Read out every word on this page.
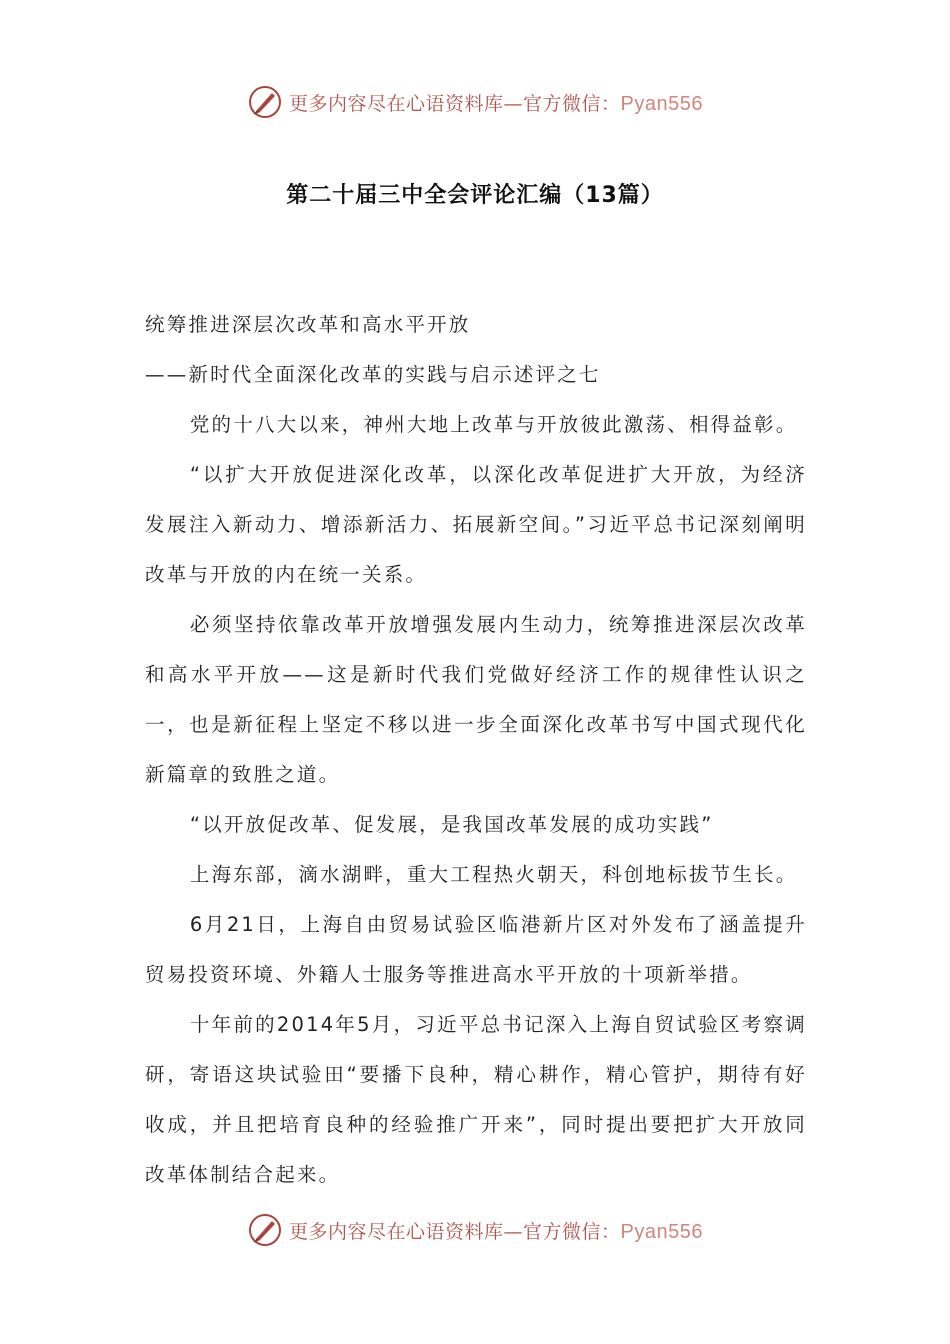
更多内容尽在心语资料库—官方微信：Pyan556
第二十届三中全会评论汇编（13篇）

统筹推进深层次改革和高水平开放

——新时代全面深化改革的实践与启示述评之七

党的十八大以来，神州大地上改革与开放彼此激荡、相得益彰。

“以扩大开放促进深化改革，以深化改革促进扩大开放，为经济发展注入新动力、增添新活力、拓展新空间。”习近平总书记深刻阐明改革与开放的内在统一关系。

必须坚持依靠改革开放增强发展内生动力，统筹推进深层次改革和高水平开放——这是新时代我们党做好经济工作的规律性认识之一，也是新征程上坚定不移以进一步全面深化改革书写中国式现代化新篇章的致胜之道。

“以开放促改革、促发展，是我国改革发展的成功实践”

上海东部，滴水湖畔，重大工程热火朝天，科创地标拔节生长。

6月21日，上海自由贸易试验区临港新片区对外发布了涵盖提升贸易投资环境、外籍人士服务等推进高水平开放的十项新举措。

十年前的2014年5月，习近平总书记深入上海自贸试验区考察调研，寄语这块试验田“要播下良种，精心耕作，精心管护，期待有好收成，并且把培育良种的经验推广开来”，同时提出要把扩大开放同改革体制结合起来。

更多内容尽在心语资料库—官方微信：Pyan556
